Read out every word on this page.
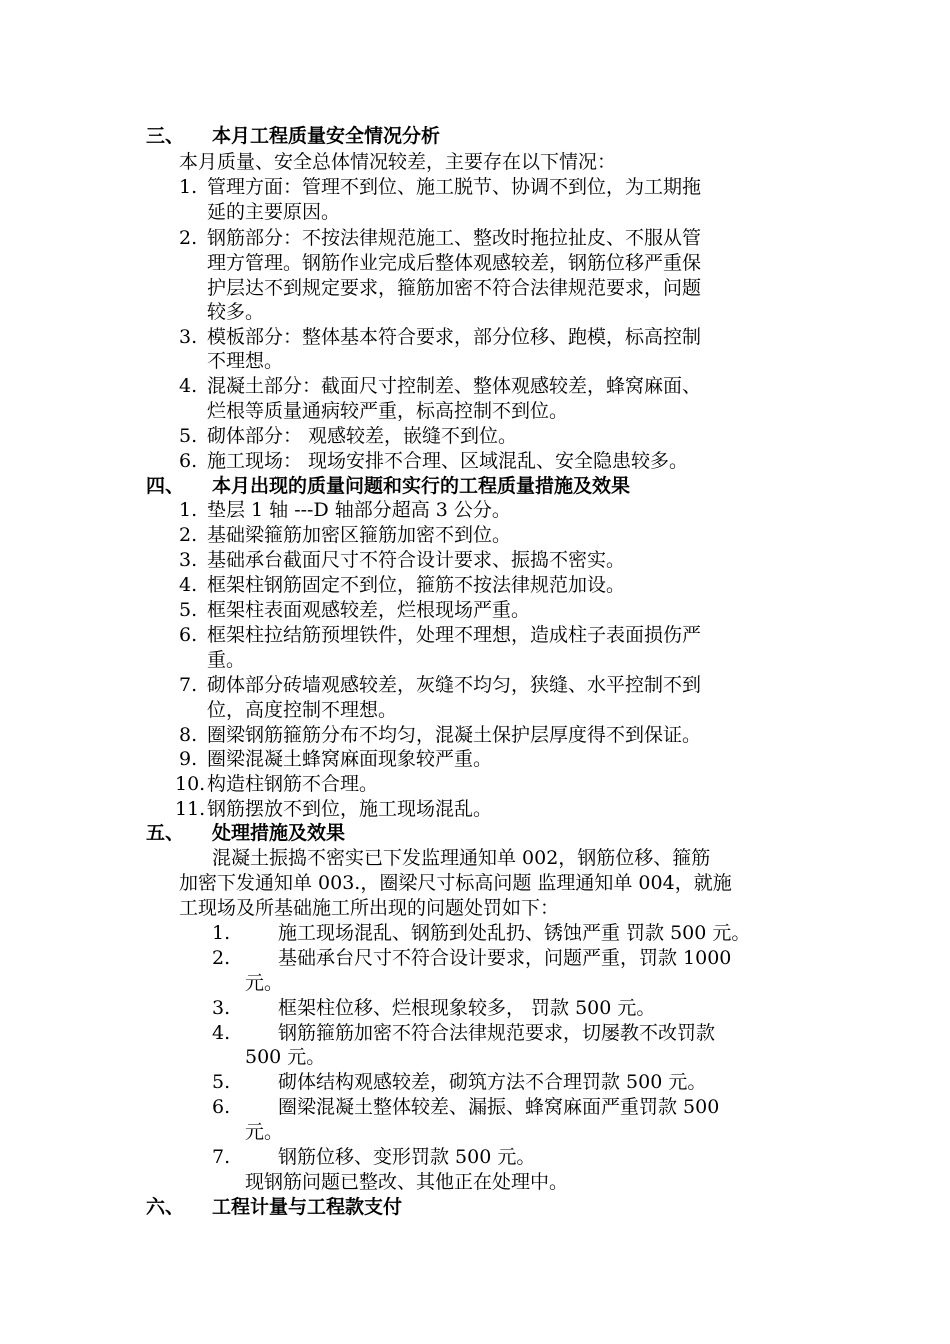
三、 本月工程质量安全情况分析
本月质量、安全总体情况较差，主要存在以下情况：
1. 管理方面：管理不到位、施工脱节、协调不到位，为工期拖
延的主要原因。
2. 钢筋部分：不按法律规范施工、整改时拖拉扯皮、不服从管
理方管理。钢筋作业完成后整体观感较差，钢筋位移严重保
护层达不到规定要求，箍筋加密不符合法律规范要求，问题
较多。
3. 模板部分：整体基本符合要求，部分位移、跑模，标高控制
不理想。
4. 混凝土部分：截面尺寸控制差、整体观感较差，蜂窝麻面、
烂根等质量通病较严重，标高控制不到位。
5. 砌体部分： 观感较差，嵌缝不到位。
6. 施工现场： 现场安排不合理、区域混乱、安全隐患较多。
四、 本月出现的质量问题和实行的工程质量措施及效果
1. 垫层 1 轴 ---D 轴部分超高 3 公分。
2. 基础梁箍筋加密区箍筋加密不到位。
3. 基础承台截面尺寸不符合设计要求、振捣不密实。
4. 框架柱钢筋固定不到位，箍筋不按法律规范加设。
5. 框架柱表面观感较差，烂根现场严重。
6. 框架柱拉结筋预埋铁件，处理不理想，造成柱子表面损伤严
重。
7. 砌体部分砖墙观感较差，灰缝不均匀，狭缝、水平控制不到
位，高度控制不理想。
8. 圈梁钢筋箍筋分布不均匀，混凝土保护层厚度得不到保证。
9. 圈梁混凝土蜂窝麻面现象较严重。
10. 构造柱钢筋不合理。
11. 钢筋摆放不到位，施工现场混乱。
五、 处理措施及效果
混凝土振捣不密实已下发监理通知单 002，钢筋位移、箍筋
加密下发通知单 003.，圈梁尺寸标高问题 监理通知单 004，就施
工现场及所基础施工所出现的问题处罚如下：
1.	施工现场混乱、钢筋到处乱扔、锈蚀严重 罚款 500 元。
2.	基础承台尺寸不符合设计要求，问题严重，罚款 1000
元。
3.	框架柱位移、烂根现象较多， 罚款 500 元。
4.	钢筋箍筋加密不符合法律规范要求，切屡教不改罚款
500 元。
5.	砌体结构观感较差，砌筑方法不合理罚款 500 元。
6.	圈梁混凝土整体较差、漏振、蜂窝麻面严重罚款 500
元。
7.	钢筋位移、变形罚款 500 元。
现钢筋问题已整改、其他正在处理中。
六、 工程计量与工程款支付
